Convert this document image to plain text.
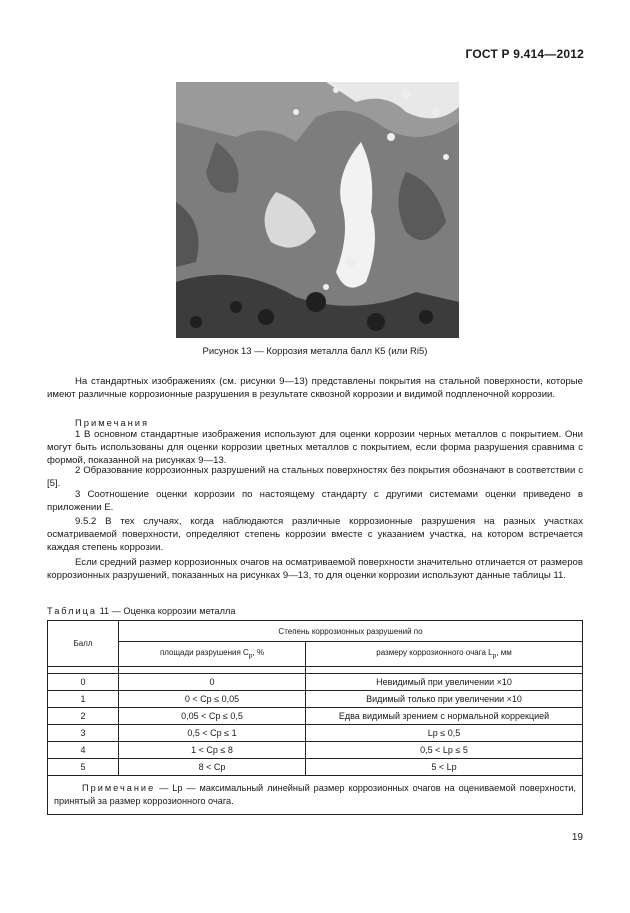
ГОСТ Р 9.414—2012
Рисунок 13 — Коррозия металла балл К5 (или Ri5)
На стандартных изображениях (см. рисунки 9—13) представлены покрытия на стальной поверхности, которые имеют различные коррозионные разрушения в результате сквозной коррозии и видимой подпленочной коррозии.
Примечания
1 В основном стандартные изображения используют для оценки коррозии черных металлов с покрытием. Они могут быть использованы для оценки коррозии цветных металлов с покрытием, если форма разрушения сравнима с формой, показанной на рисунках 9—13.
2 Образование коррозионных разрушений на стальных поверхностях без покрытия обозначают в соответствии с [5].
3 Соотношение оценки коррозии по настоящему стандарту с другими системами оценки приведено в приложении Е.
9.5.2 В тех случаях, когда наблюдаются различные коррозионные разрушения на разных участках осматриваемой поверхности, определяют степень коррозии вместе с указанием участка, на котором встречается каждая степень коррозии.
Если средний размер коррозионных очагов на осматриваемой поверхности значительно отличается от размеров коррозионных разрушений, показанных на рисунках 9—13, то для оценки коррозии используют данные таблицы 11.
Таблица 11 — Оценка коррозии металла
Балл	Степень коррозионных разрушений по	
	площади разрушения $C_p$, %	размеру коррозионного очага $L_p$, мм

0	0	Невидимый при увеличении ×10
1	0 < Cp ≤ 0,05	Видимый только при увеличении ×10
2	0,05 < Cp ≤ 0,5	Едва видимый зрением с нормальной коррекцией
3	0,5 < Cp ≤ 1	Lp ≤ 0,5
4	1 < Cp ≤ 8	0,5 < Lp ≤ 5
5	8 < Cp	5 < Lp
Примечание — Lp — максимальный линейный размер коррозионных очагов на оцениваемой поверхности, принятый за размер коррозионного очага.		
19
